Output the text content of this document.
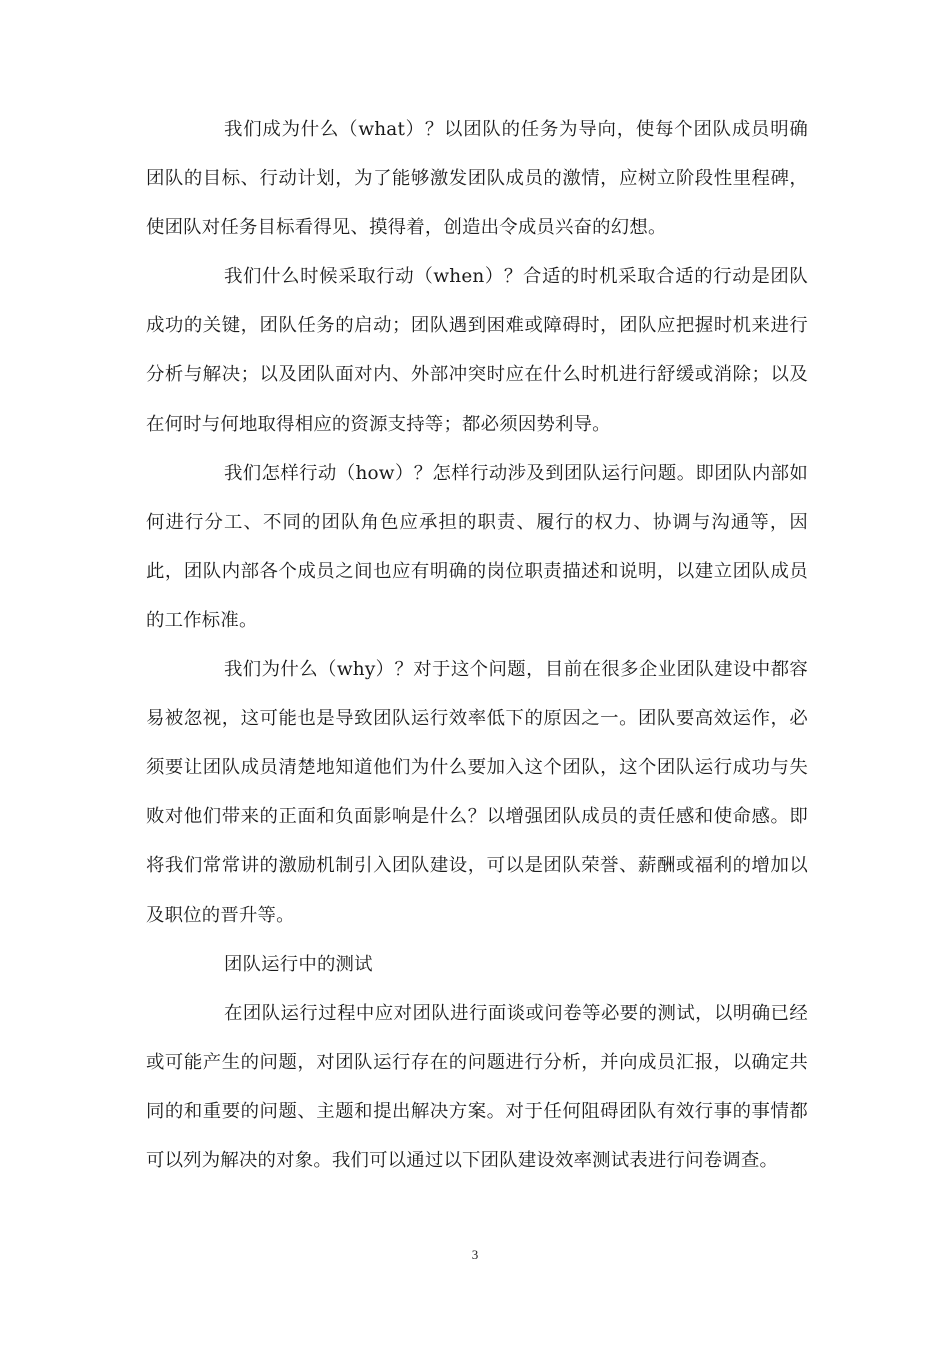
我们成为什么（what）？以团队的任务为导向，使每个团队成员明确团队的目标、行动计划，为了能够激发团队成员的激情，应树立阶段性里程碑，使团队对任务目标看得见、摸得着，创造出令成员兴奋的幻想。

我们什么时候采取行动（when）？合适的时机采取合适的行动是团队成功的关键，团队任务的启动；团队遇到困难或障碍时，团队应把握时机来进行分析与解决；以及团队面对内、外部冲突时应在什么时机进行舒缓或消除；以及在何时与何地取得相应的资源支持等；都必须因势利导。

我们怎样行动（how）？怎样行动涉及到团队运行问题。即团队内部如何进行分工、不同的团队角色应承担的职责、履行的权力、协调与沟通等，因此，团队内部各个成员之间也应有明确的岗位职责描述和说明，以建立团队成员的工作标准。

我们为什么（why）？对于这个问题，目前在很多企业团队建设中都容易被忽视，这可能也是导致团队运行效率低下的原因之一。团队要高效运作，必须要让团队成员清楚地知道他们为什么要加入这个团队，这个团队运行成功与失败对他们带来的正面和负面影响是什么？以增强团队成员的责任感和使命感。即将我们常常讲的激励机制引入团队建设，可以是团队荣誉、薪酬或福利的增加以及职位的晋升等。

团队运行中的测试

在团队运行过程中应对团队进行面谈或问卷等必要的测试，以明确已经或可能产生的问题，对团队运行存在的问题进行分析，并向成员汇报，以确定共同的和重要的问题、主题和提出解决方案。对于任何阻碍团队有效行事的事情都可以列为解决的对象。我们可以通过以下团队建设效率测试表进行问卷调查。

3
